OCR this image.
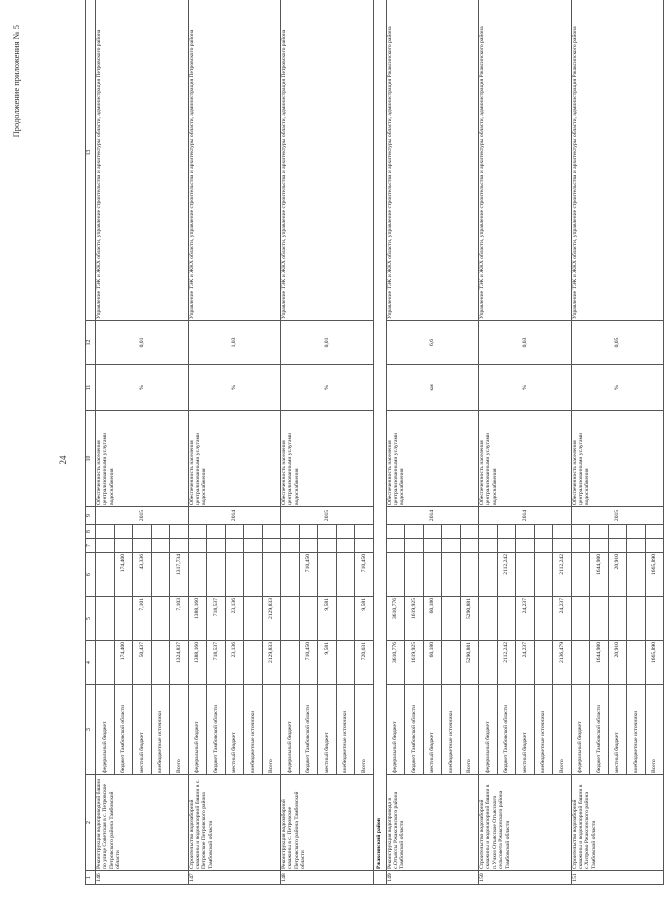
Продолжение приложения № 5
24
1	2	3	4	5	6	7	8	9	10	11	12	13
146	Реконструкция водопроводной башни по улице Советская в с. Петровское Петровского района Тамбовской области	федеральный бюджет						2015	Обеспеченность населения централизованными услугами водоснабжения	%	0,01	Управление ТЭК и ЖКХ области, управление строительства и архитектуры области, администрация Петровского района
		бюджет Тамбовской области	174,400		174,400							
		местный бюджет	50,437	7,101	43,336							
		внебюджетные источники										
		Всего	1324,837	7,103	1317,734							
147	Строительство водозаборной скважины и водонапорной башни в с. Петровское Петровского района Тамбовской области	федеральный бюджет	1388,160	1388,160				2014	Обеспеченность населения централизованными услугами водоснабжения	%	1,03	Управление ТЭК и ЖКХ области, управление строительства и архитектуры области, администрация Петровского района
		бюджет Тамбовской области	718,537	718,537								
		местный бюджет	23,136	23,136								
		внебюджетные источники										
		Всего	2129,833	2129,833								
148	Реконструкция водозаборной скважины в с. Петровское Петровского района Тамбовской области	федеральный бюджет						2015	Обеспеченность населения централизованными услугами водоснабжения	%	0,01	Управление ТЭК и ЖКХ области, управление строительства и архитектуры области, администрация Петровского района
		бюджет Тамбовской области	710,450		710,450							
		местный бюджет	9,581	9,581								
		внебюджетные источники										
		Всего	720,031	9,581	710,450							
	Ржаксинский район											
149	Реконструкция водопровода в с.Отъяссы Ржаксинского района Тамбовской области	федеральный бюджет	3610,776	3610,776				2014	Обеспеченность населения централизованными услугами водоснабжения	км	6,6	Управление ТЭК и ЖКХ области, управление строительства и архитектуры области, администрация Ржаксинского района
		бюджет Тамбовской области	1619,925	1619,925								
		местный бюджет	60,180	60,180								
		внебюджетные источники										
		Всего	5290,881	5290,881								
150	Строительство водозаборной скважины и водонапорной башни в п.Учхоз Отъясское Отъясского сельсовета Ржаксинского района Тамбовской области	федеральный бюджет						2014	Обеспеченность населения централизованными услугами водоснабжения	%	0,03	Управление ТЭК и ЖКХ области, управление строительства и архитектуры области, администрация Ржаксинского района
		бюджет Тамбовской области	2112,242		2112,242							
		местный бюджет	24,237	24,237								
		внебюджетные источники										
		Всего	2136,479	24,237	2112,242							
151	Строительство водозаборной скважины и водонапорной башни в с.Хитрово Ржаксинского района Тамбовской области	федеральный бюджет						2015	Обеспеченность населения централизованными услугами водоснабжения	%	0,05	Управление ТЭК и ЖКХ области, управление строительства и архитектуры области, администрация Ржаксинского района
		бюджет Тамбовской области	1644,980		1644,980							
		местный бюджет	20,910		20,910							
		внебюджетные источники										
		Всего	1665,890		1665,890							
